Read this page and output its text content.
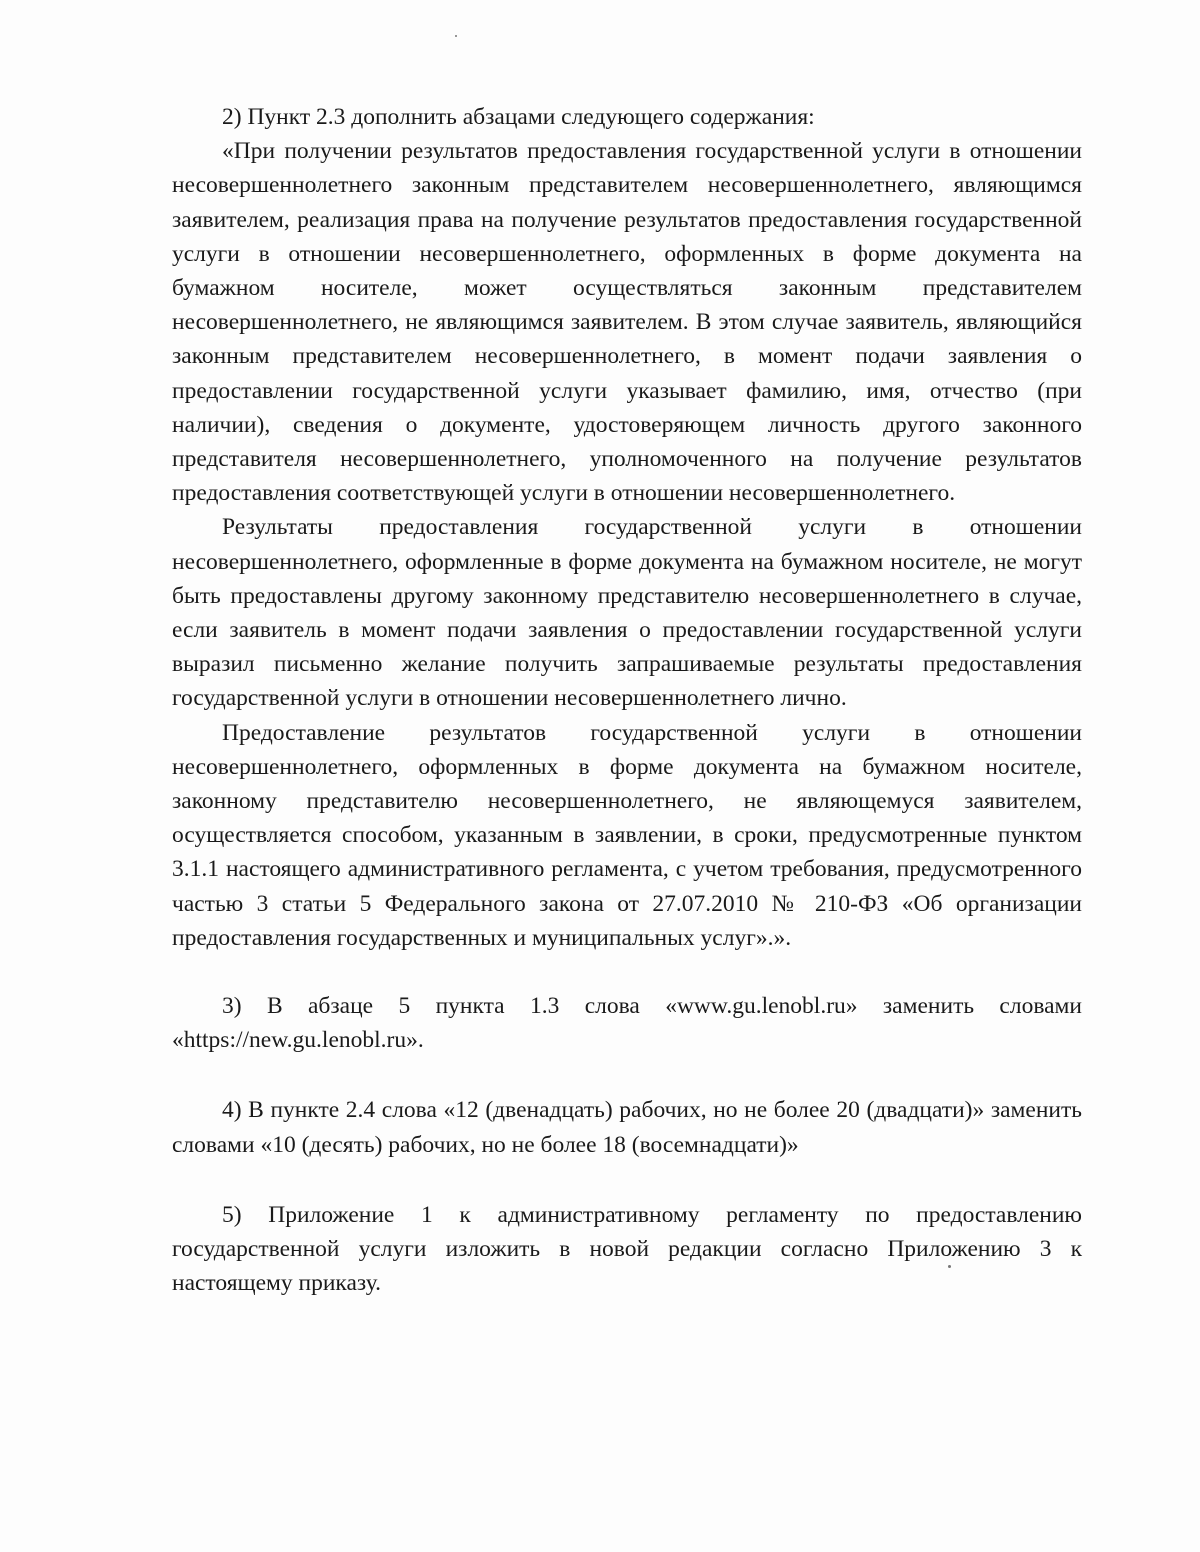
2) Пункт 2.3 дополнить абзацами следующего содержания:

«При получении результатов предоставления государственной услуги в отношении несовершеннолетнего законным представителем несовершеннолетнего, являющимся заявителем, реализация права на получение результатов предоставления государственной услуги в отношении несовершеннолетнего, оформленных в форме документа на бумажном носителе, может осуществляться законным представителем несовершеннолетнего, не являющимся заявителем. В этом случае заявитель, являющийся законным представителем несовершеннолетнего, в момент подачи заявления о предоставлении государственной услуги указывает фамилию, имя, отчество (при наличии), сведения о документе, удостоверяющем личность другого законного представителя несовершеннолетнего, уполномоченного на получение результатов предоставления соответствующей услуги в отношении несовершеннолетнего.

Результаты предоставления государственной услуги в отношении несовершеннолетнего, оформленные в форме документа на бумажном носителе, не могут быть предоставлены другому законному представителю несовершеннолетнего в случае, если заявитель в момент подачи заявления о предоставлении государственной услуги выразил письменно желание получить запрашиваемые результаты предоставления государственной услуги в отношении несовершеннолетнего лично.

Предоставление результатов государственной услуги в отношении несовершеннолетнего, оформленных в форме документа на бумажном носителе, законному представителю несовершеннолетнего, не являющемуся заявителем, осуществляется способом, указанным в заявлении, в сроки, предусмотренные пунктом 3.1.1 настоящего административного регламента, с учетом требования, предусмотренного частью 3 статьи 5 Федерального закона от 27.07.2010 № 210-ФЗ «Об организации предоставления государственных и муниципальных услуг».».

3) В абзаце 5 пункта 1.3 слова «www.gu.lenobl.ru» заменить словами «https://new.gu.lenobl.ru».

4) В пункте 2.4 слова «12 (двенадцать) рабочих, но не более 20 (двадцати)» заменить словами «10 (десять) рабочих, но не более 18 (восемнадцати)»

5) Приложение 1 к административному регламенту по предоставлению государственной услуги изложить в новой редакции согласно Приложению 3 к настоящему приказу.
